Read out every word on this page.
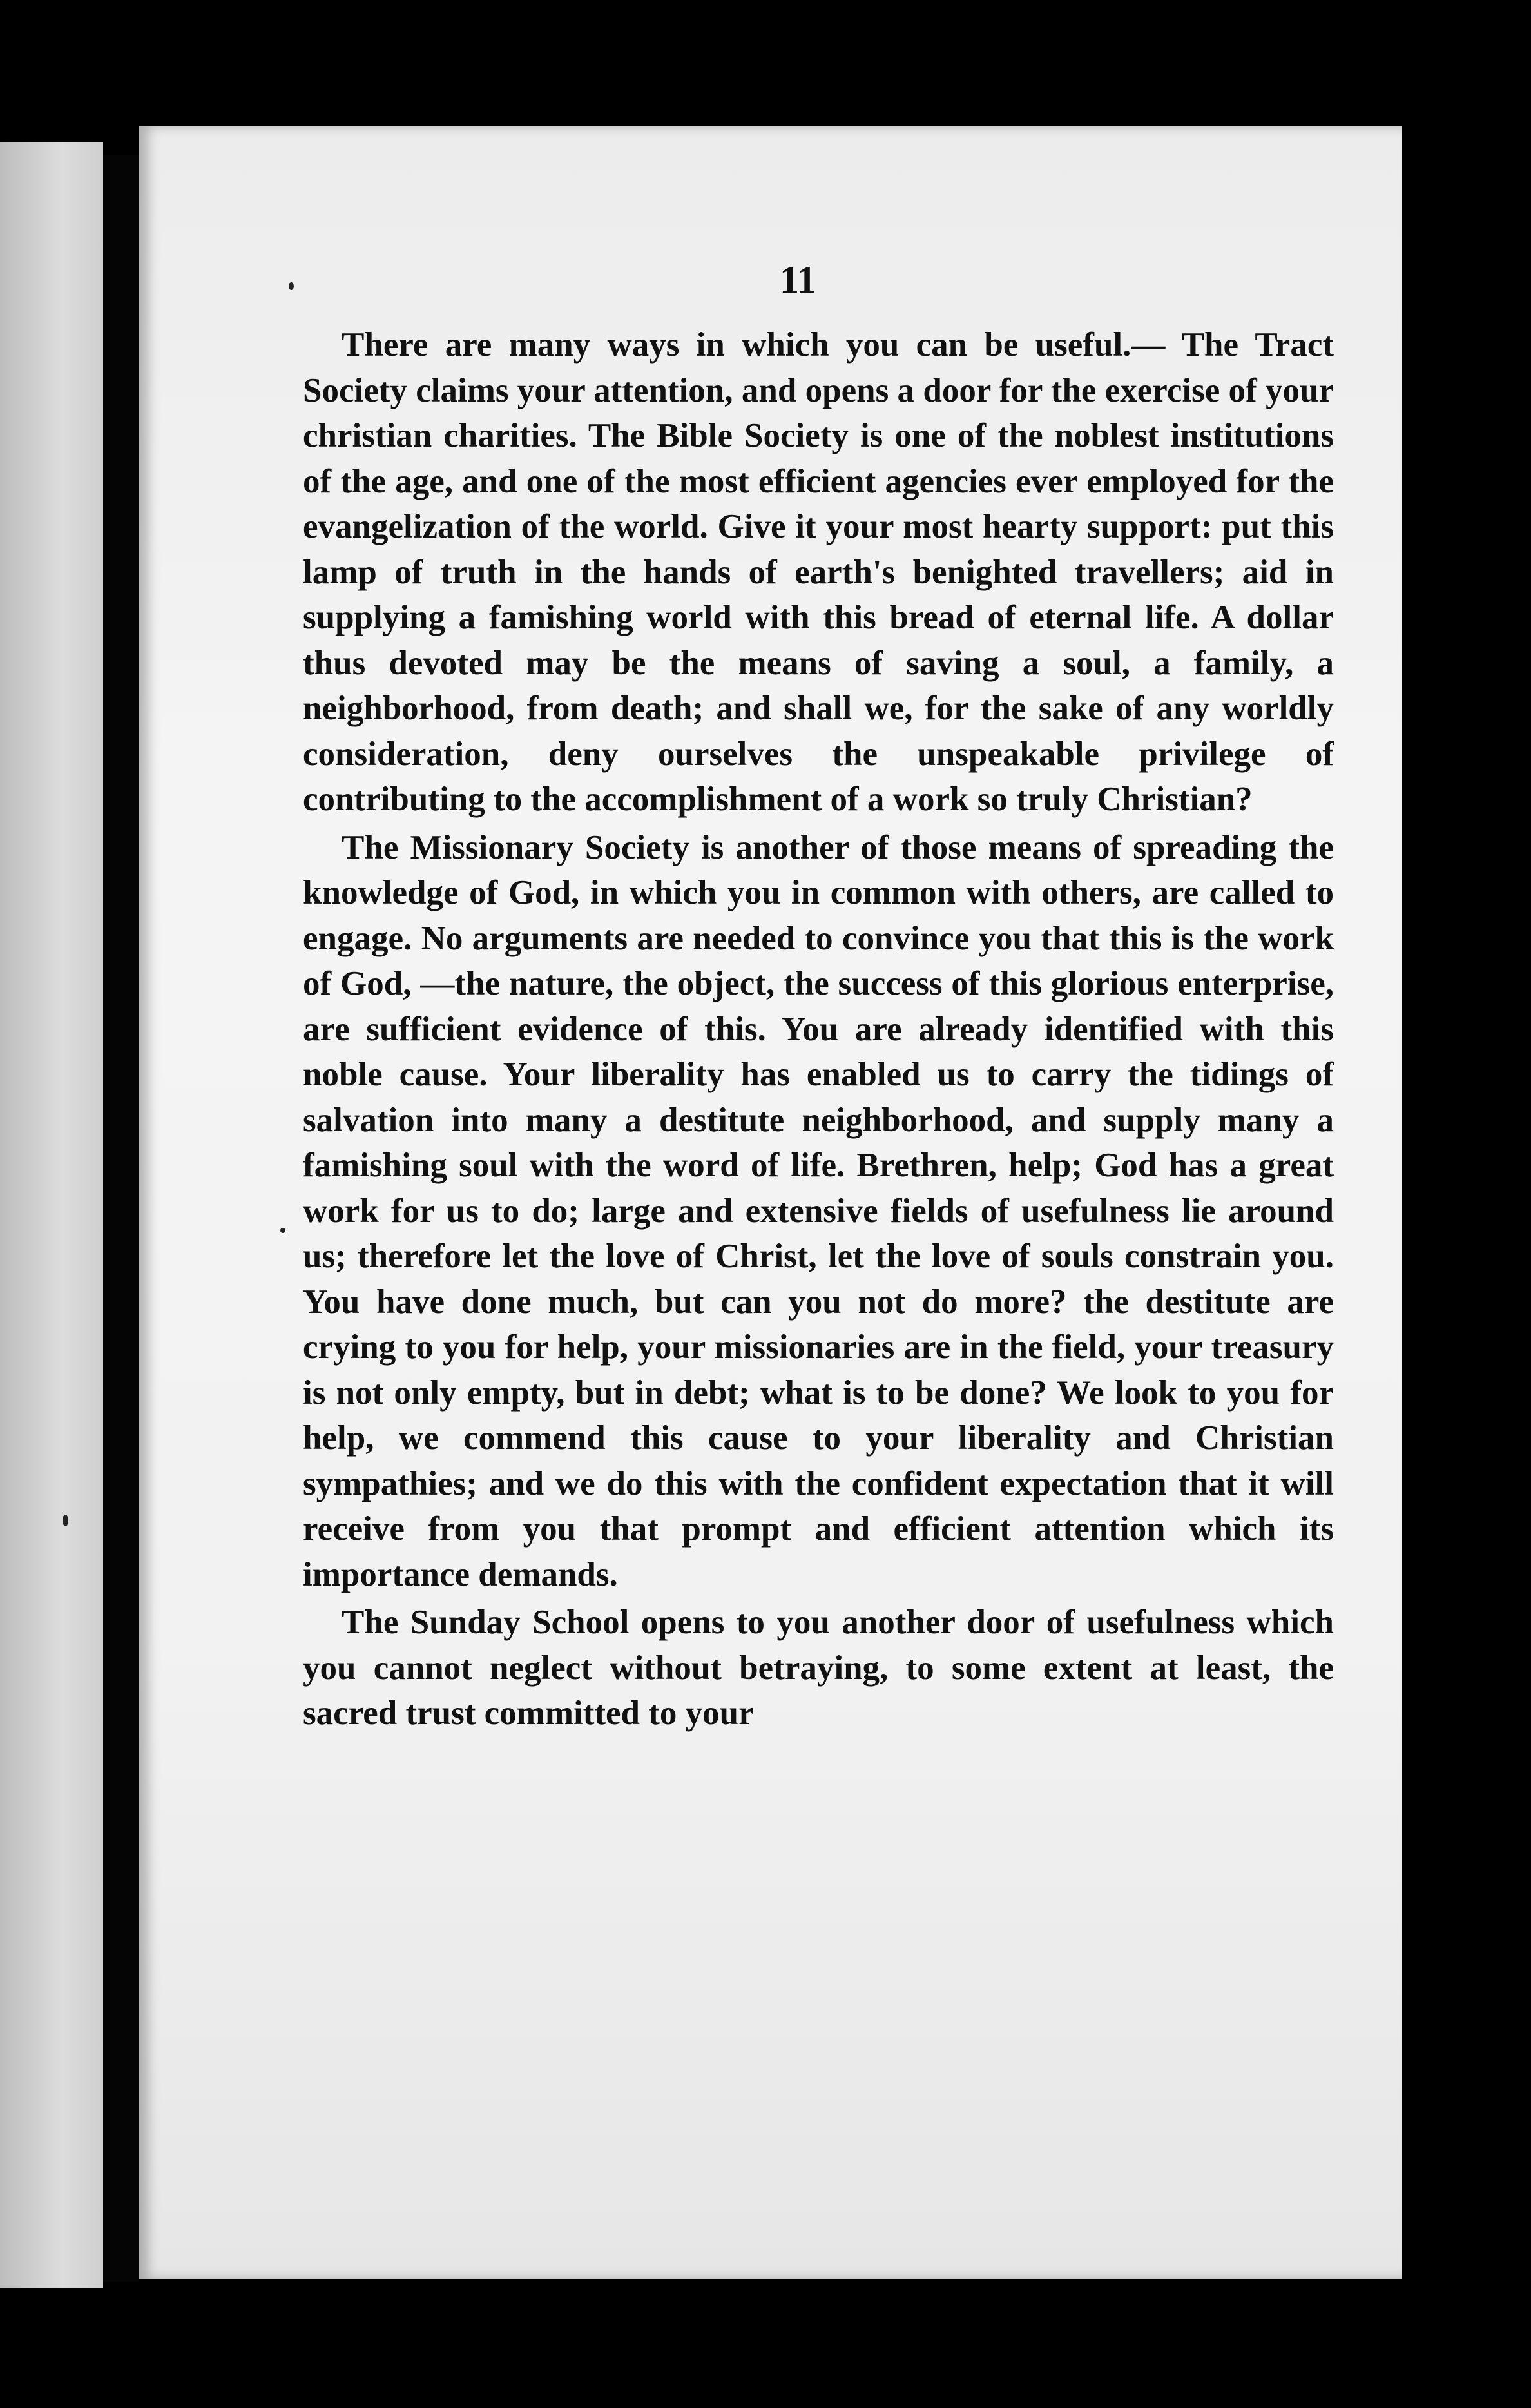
11

There are many ways in which you can be useful.— The Tract Society claims your attention, and opens a door for the exercise of your christian charities. The Bible Society is one of the noblest institutions of the age, and one of the most efficient agencies ever employed for the evangelization of the world. Give it your most hearty support: put this lamp of truth in the hands of earth's benighted travellers; aid in supplying a famishing world with this bread of eternal life. A dollar thus devoted may be the means of saving a soul, a family, a neighborhood, from death; and shall we, for the sake of any worldly consideration, deny ourselves the unspeakable privilege of contributing to the accomplishment of a work so truly Christian?

The Missionary Society is another of those means of spreading the knowledge of God, in which you in common with others, are called to engage. No arguments are needed to convince you that this is the work of God, —the nature, the object, the success of this glorious enterprise, are sufficient evidence of this. You are already identified with this noble cause. Your liberality has enabled us to carry the tidings of salvation into many a destitute neighborhood, and supply many a famishing soul with the word of life. Brethren, help; God has a great work for us to do; large and extensive fields of usefulness lie around us; therefore let the love of Christ, let the love of souls constrain you. You have done much, but can you not do more? the destitute are crying to you for help, your missionaries are in the field, your treasury is not only empty, but in debt; what is to be done? We look to you for help, we commend this cause to your liberality and Christian sympathies; and we do this with the confident expectation that it will receive from you that prompt and efficient attention which its importance demands.

The Sunday School opens to you another door of usefulness which you cannot neglect without betraying, to some extent at least, the sacred trust committed to your
